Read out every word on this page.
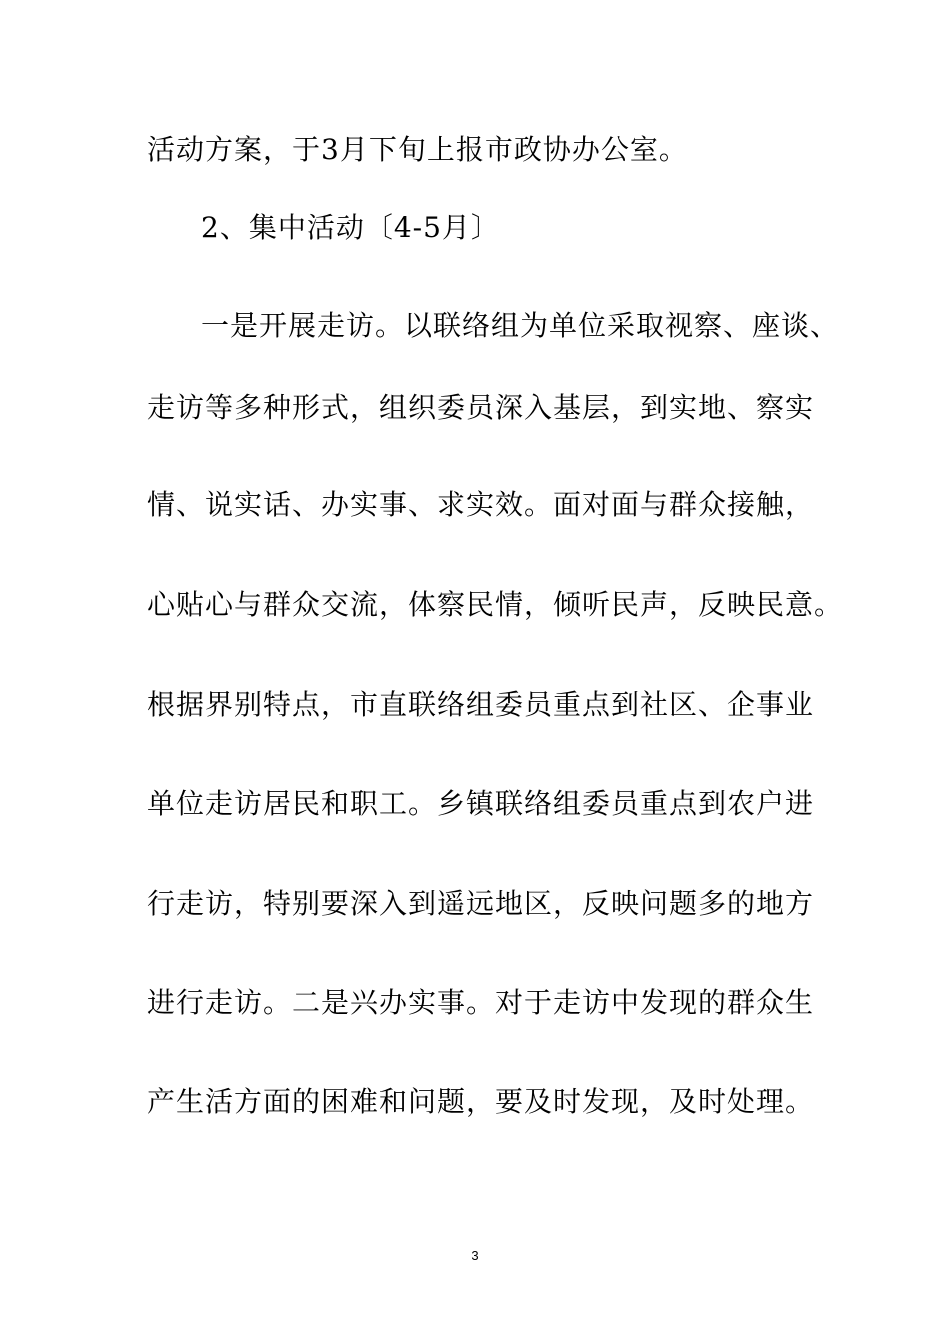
活动方案，于3月下旬上报市政协办公室。
2、集中活动〔4-5月〕
一是开展走访。以联络组为单位采取视察、座谈、
走访等多种形式，组织委员深入基层，到实地、察实
情、说实话、办实事、求实效。面对面与群众接触，
心贴心与群众交流，体察民情，倾听民声，反映民意。
根据界别特点，市直联络组委员重点到社区、企事业
单位走访居民和职工。乡镇联络组委员重点到农户进
行走访，特别要深入到遥远地区，反映问题多的地方
进行走访。二是兴办实事。对于走访中发现的群众生
产生活方面的困难和问题，要及时发现，及时处理。
3
